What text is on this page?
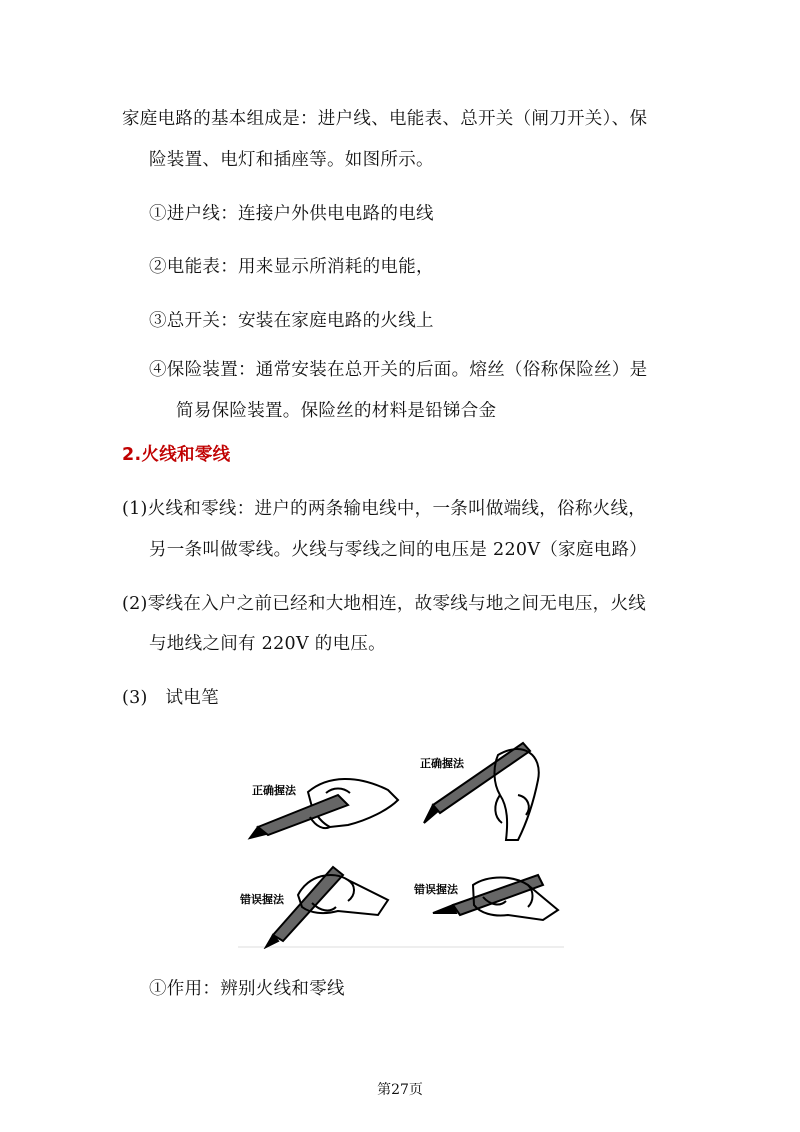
家庭电路的基本组成是：进户线、电能表、总开关（闸刀开关）、保
险装置、电灯和插座等。如图所示。
①进户线：连接户外供电电路的电线
②电能表：用来显示所消耗的电能，
③总开关：安装在家庭电路的火线上
④保险装置：通常安装在总开关的后面。熔丝（俗称保险丝）是
简易保险装置。保险丝的材料是铅锑合金
2.火线和零线
(1)火线和零线：进户的两条输电线中，一条叫做端线，俗称火线，
另一条叫做零线。火线与零线之间的电压是 220V（家庭电路）
(2)零线在入户之前已经和大地相连，故零线与地之间无电压，火线
与地线之间有 220V 的电压。
(3)　试电笔
正确握法
正确握法
错误握法
错误握法
①作用：辨别火线和零线
第27页
